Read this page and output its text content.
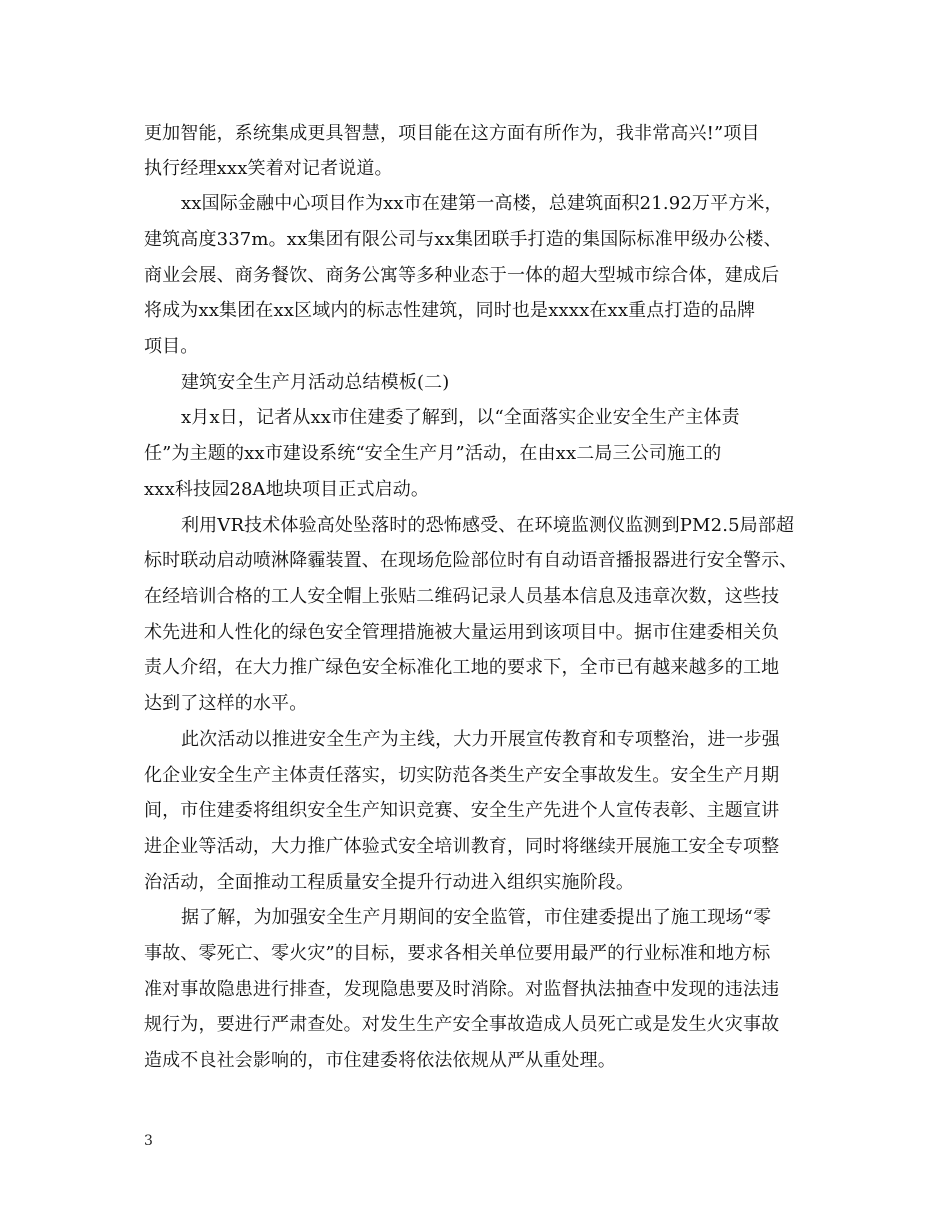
更加智能，系统集成更具智慧，项目能在这方面有所作为，我非常高兴!”项目
执行经理xxx笑着对记者说道。
xx国际金融中心项目作为xx市在建第一高楼，总建筑面积21.92万平方米，
建筑高度337m。xx集团有限公司与xx集团联手打造的集国际标准甲级办公楼、
商业会展、商务餐饮、商务公寓等多种业态于一体的超大型城市综合体，建成后
将成为xx集团在xx区域内的标志性建筑，同时也是xxxx在xx重点打造的品牌
项目。
建筑安全生产月活动总结模板(二)
x月x日，记者从xx市住建委了解到，以“全面落实企业安全生产主体责
任”为主题的xx市建设系统“安全生产月”活动，在由xx二局三公司施工的
xxx科技园28A地块项目正式启动。
利用VR技术体验高处坠落时的恐怖感受、在环境监测仪监测到PM2.5局部超
标时联动启动喷淋降霾装置、在现场危险部位时有自动语音播报器进行安全警示、
在经培训合格的工人安全帽上张贴二维码记录人员基本信息及违章次数，这些技
术先进和人性化的绿色安全管理措施被大量运用到该项目中。据市住建委相关负
责人介绍，在大力推广绿色安全标准化工地的要求下，全市已有越来越多的工地
达到了这样的水平。
此次活动以推进安全生产为主线，大力开展宣传教育和专项整治，进一步强
化企业安全生产主体责任落实，切实防范各类生产安全事故发生。安全生产月期
间，市住建委将组织安全生产知识竞赛、安全生产先进个人宣传表彰、主题宣讲
进企业等活动，大力推广体验式安全培训教育，同时将继续开展施工安全专项整
治活动，全面推动工程质量安全提升行动进入组织实施阶段。
据了解，为加强安全生产月期间的安全监管，市住建委提出了施工现场“零
事故、零死亡、零火灾”的目标，要求各相关单位要用最严的行业标准和地方标
准对事故隐患进行排查，发现隐患要及时消除。对监督执法抽查中发现的违法违
规行为，要进行严肃查处。对发生生产安全事故造成人员死亡或是发生火灾事故
造成不良社会影响的，市住建委将依法依规从严从重处理。
3
